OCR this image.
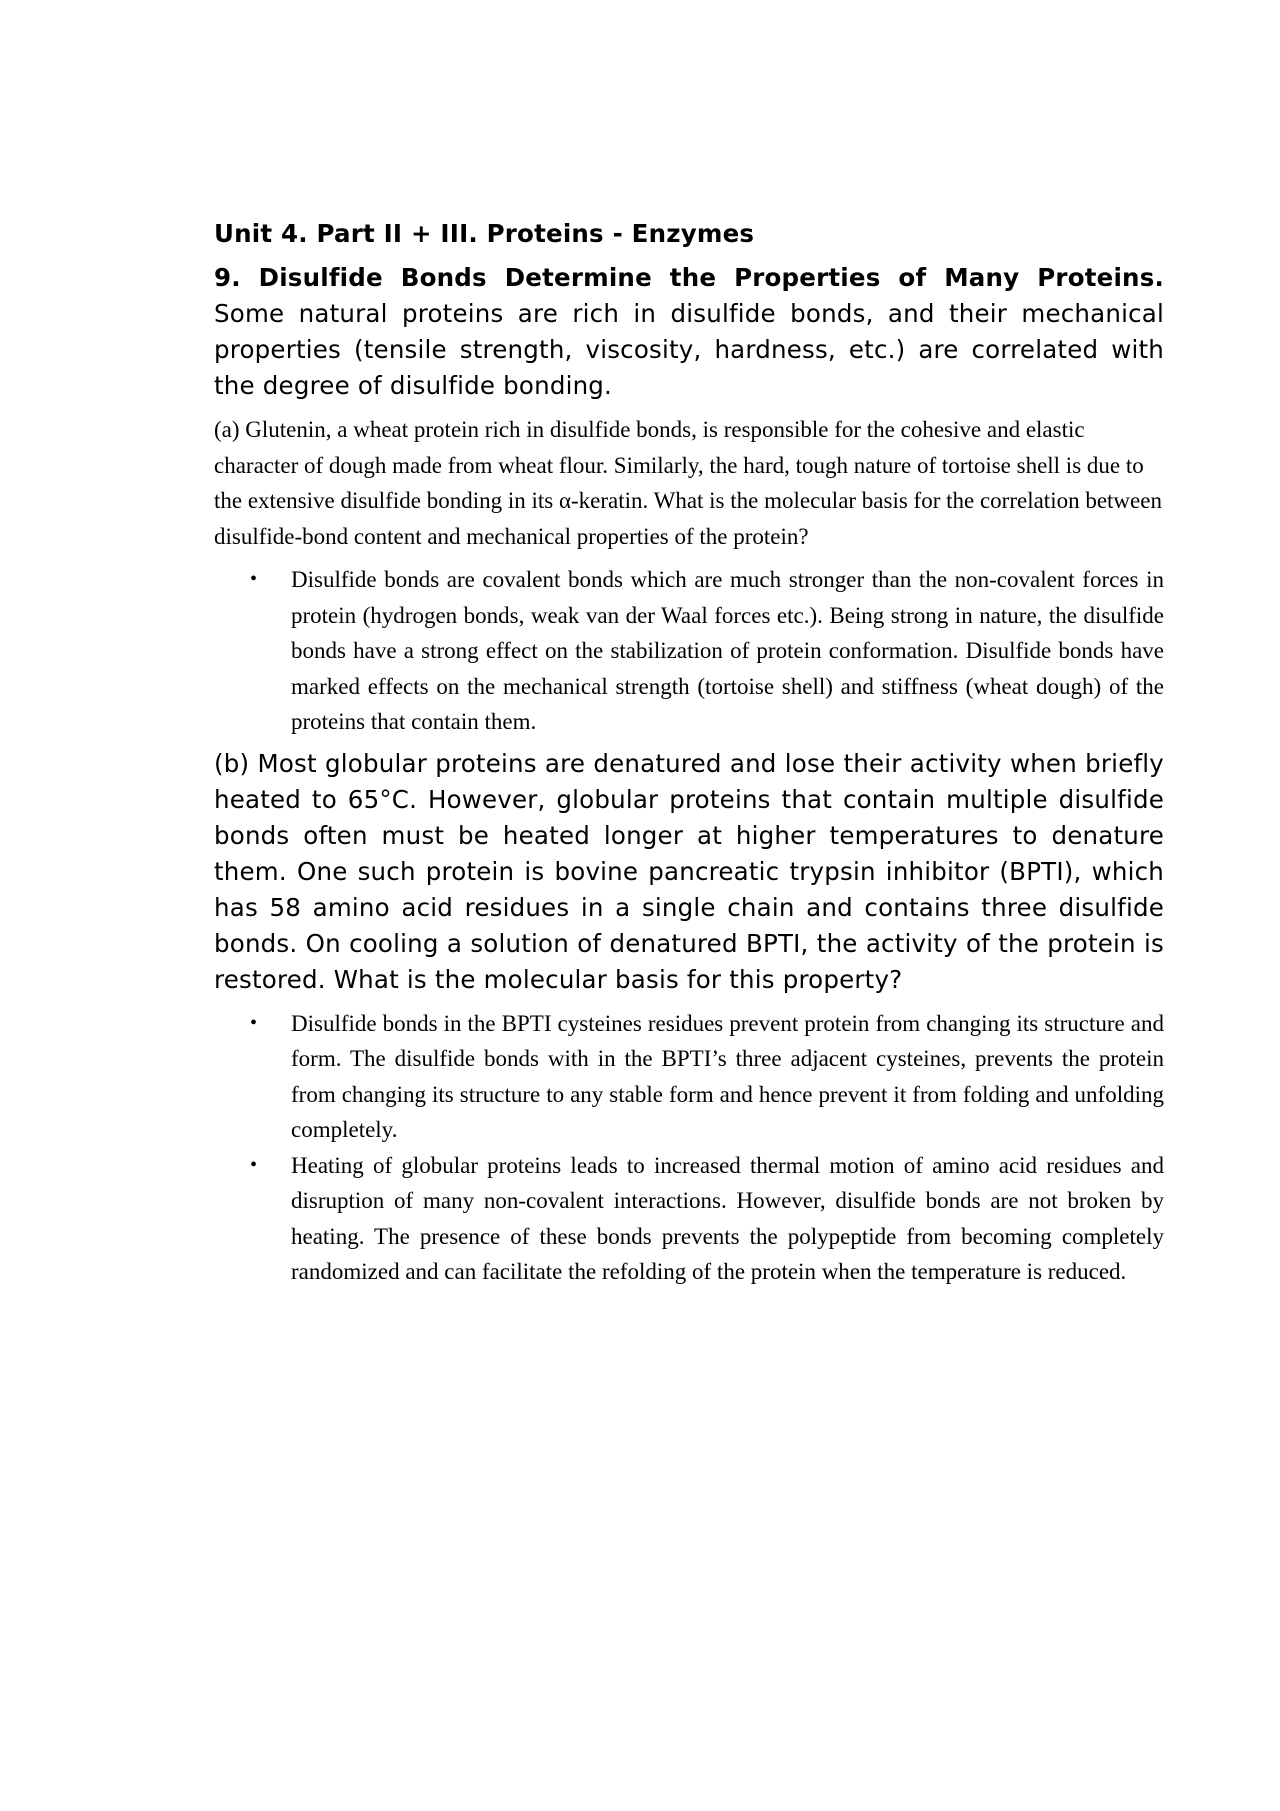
Unit 4. Part II + III. Proteins - Enzymes

9. Disulfide Bonds Determine the Properties of Many Proteins. Some natural proteins are rich in disulfide bonds, and their mechanical properties (tensile strength, viscosity, hardness, etc.) are correlated with the degree of disulfide bonding.

(a) Glutenin, a wheat protein rich in disulfide bonds, is responsible for the cohesive and elastic character of dough made from wheat flour. Similarly, the hard, tough nature of tortoise shell is due to the extensive disulfide bonding in its α-keratin. What is the molecular basis for the correlation between disulfide-bond content and mechanical properties of the protein?

• Disulfide bonds are covalent bonds which are much stronger than the non-covalent forces in protein (hydrogen bonds, weak van der Waal forces etc.). Being strong in nature, the disulfide bonds have a strong effect on the stabilization of protein conformation. Disulfide bonds have marked effects on the mechanical strength (tortoise shell) and stiffness (wheat dough) of the proteins that contain them.

(b) Most globular proteins are denatured and lose their activity when briefly heated to 65°C. However, globular proteins that contain multiple disulfide bonds often must be heated longer at higher temperatures to denature them. One such protein is bovine pancreatic trypsin inhibitor (BPTI), which has 58 amino acid residues in a single chain and contains three disulfide bonds. On cooling a solution of denatured BPTI, the activity of the protein is restored. What is the molecular basis for this property?

• Disulfide bonds in the BPTI cysteines residues prevent protein from changing its structure and form. The disulfide bonds with in the BPTI’s three adjacent cysteines, prevents the protein from changing its structure to any stable form and hence prevent it from folding and unfolding completely.
• Heating of globular proteins leads to increased thermal motion of amino acid residues and disruption of many non-covalent interactions. However, disulfide bonds are not broken by heating. The presence of these bonds prevents the polypeptide from becoming completely randomized and can facilitate the refolding of the protein when the temperature is reduced.
